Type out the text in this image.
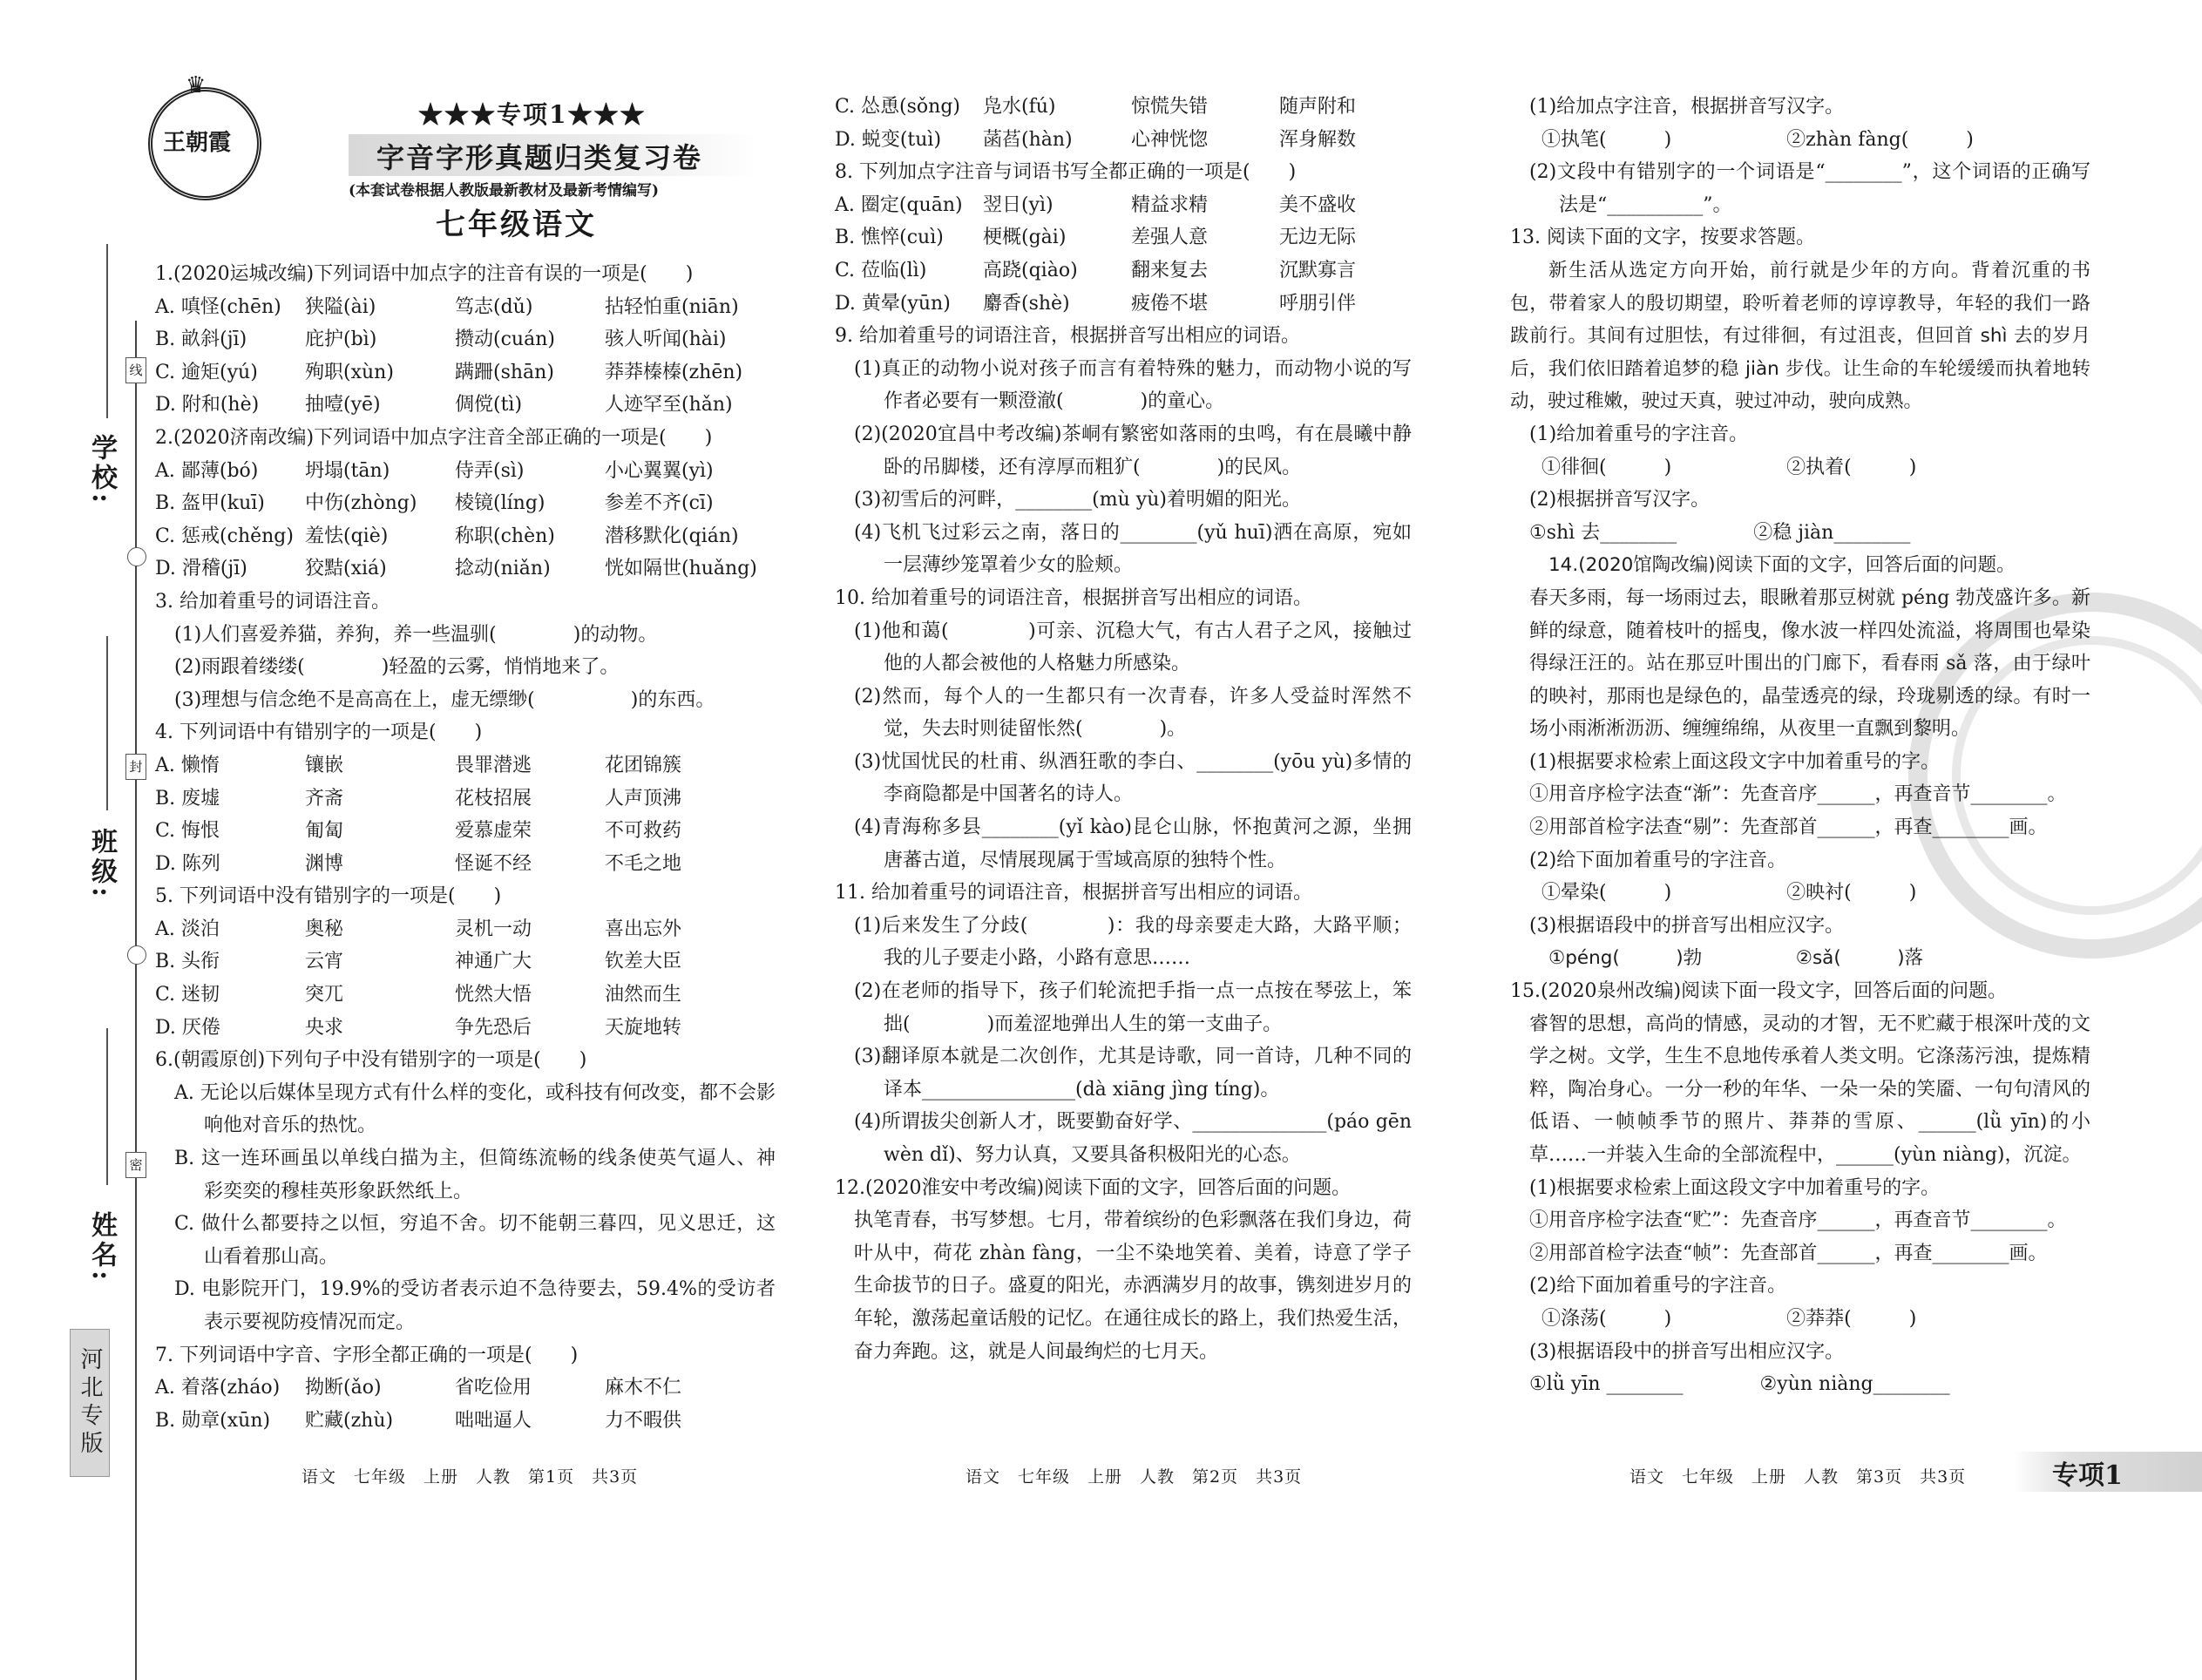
线
封
密
学校:
班级:
姓名:
河北专版
♛
王朝霞
★★★专项1★★★
字音字形真题归类复习卷
(本套试卷根据人教版最新教材及最新考情编写)
七年级语文
1.(2020运城改编)下列词语中加点字的注音有误的一项是(　　)
A. 嗔怪(chēn)	狭隘(ài)	笃志(dǔ)	拈轻怕重(niān)
B. 畝斜(jī)	庇护(bì)	攒动(cuán)	骇人听闻(hài)
C. 逾矩(yú)	殉职(xùn)	蹒跚(shān)	莽莽榛榛(zhēn)
D. 附和(hè)	抽噎(yē)	倜傥(tì)	人迹罕至(hǎn)
2.(2020济南改编)下列词语中加点字注音全部正确的一项是(　　)
A. 鄙薄(bó)	坍塌(tān)	侍弄(sì)	小心翼翼(yì)
B. 盔甲(kuī)	中伤(zhòng)	棱镜(líng)	参差不齐(cī)
C. 惩戒(chěng) 羞怯(qiè)	称职(chèn)	潜移默化(qián)
D. 滑稽(jī)	狡黠(xiá)	捻动(niǎn)	恍如隔世(huǎng)
3. 给加着重号的词语注音。
(1)人们喜爱养猫，养狗，养一些温驯(　　　　)的动物。
(2)雨跟着缕缕(　　　　)轻盈的云雾，悄悄地来了。
(3)理想与信念绝不是高高在上，虚无缥缈(　　　　　)的东西。
4. 下列词语中有错别字的一项是(　　)
A. 懒惰	镶嵌	畏罪潜逃	花团锦簇
B. 废墟	齐斋	花枝招展	人声顶沸
C. 悔恨	匍匐	爱慕虚荣	不可救药
D. 陈列	渊博	怪诞不经	不毛之地
5. 下列词语中没有错别字的一项是(　　)
A. 淡泊	奥秘	灵机一动	喜出忘外
B. 头衔	云宵	神通广大	钦差大臣
C. 迷韧	突兀	恍然大悟	油然而生
D. 厌倦	央求	争先恐后	天旋地转
6.(朝霞原创)下列句子中没有错别字的一项是(　　)
A. 无论以后媒体呈现方式有什么样的变化，或科技有何改变，都不会影响他对音乐的热忱。
B. 这一连环画虽以单线白描为主，但简练流畅的线条使英气逼人、神彩奕奕的穆桂英形象跃然纸上。
C. 做什么都要持之以恒，穷追不舍。切不能朝三暮四，见义思迁，这山看着那山高。
D. 电影院开门，19.9%的受访者表示迫不急待要去，59.4%的受访者表示要视防疫情况而定。
7. 下列词语中字音、字形全都正确的一项是(　　)
A. 着落(zháo)	拗断(ǎo)	省吃俭用	麻木不仁
B. 勋章(xūn)	贮藏(zhù)	咄咄逼人	力不暇供
C. 怂恿(sǒng)	凫水(fú)	惊慌失错	随声附和
D. 蜕变(tuì)	菡萏(hàn)	心神恍惚	浑身解数
8. 下列加点字注音与词语书写全都正确的一项是(　　)
A. 圈定(quān)	翌日(yì)	精益求精	美不盛收
B. 憔悴(cuì)	梗概(gài)	差强人意	无边无际
C. 莅临(lì)	高跷(qiào)	翻来复去	沉默寡言
D. 黄晕(yūn)	麝香(shè)	疲倦不堪	呼朋引伴
9. 给加着重号的词语注音，根据拼音写出相应的词语。
(1)真正的动物小说对孩子而言有着特殊的魅力，而动物小说的写作者必要有一颗澄澈(　　　　)的童心。
(2)(2020宜昌中考改编)茶峒有繁密如落雨的虫鸣，有在晨曦中静卧的吊脚楼，还有淳厚而粗犷(　　　　)的民风。
(3)初雪后的河畔，________(mù yù)着明媚的阳光。
(4)飞机飞过彩云之南，落日的________(yǔ huī)洒在高原，宛如一层薄纱笼罩着少女的脸颊。
10. 给加着重号的词语注音，根据拼音写出相应的词语。
(1)他和蔼(　　　　)可亲、沉稳大气，有古人君子之风，接触过他的人都会被他的人格魅力所感染。
(2)然而，每个人的一生都只有一次青春，许多人受益时浑然不觉，失去时则徒留怅然(　　　　)。
(3)忧国忧民的杜甫、纵酒狂歌的李白、________(yōu yù)多情的李商隐都是中国著名的诗人。
(4)青海称多县________(yǐ kào)昆仑山脉，怀抱黄河之源，坐拥唐蕃古道，尽情展现属于雪域高原的独特个性。
11. 给加着重号的词语注音，根据拼音写出相应的词语。
(1)后来发生了分歧(　　　　)：我的母亲要走大路，大路平顺；我的儿子要走小路，小路有意思……
(2)在老师的指导下，孩子们轮流把手指一点一点按在琴弦上，笨拙(　　　　)而羞涩地弹出人生的第一支曲子。
(3)翻译原本就是二次创作，尤其是诗歌，同一首诗，几种不同的译本________________(dà xiāng jìng tíng)。
(4)所谓拔尖创新人才，既要勤奋好学、______________(páo gēn wèn dǐ)、努力认真，又要具备积极阳光的心态。
12.(2020淮安中考改编)阅读下面的文字，回答后面的问题。
执笔青春，书写梦想。七月，带着缤纷的色彩飘落在我们身边，荷叶从中，荷花 zhàn fàng，一尘不染地笑着、美着，诗意了学子生命拔节的日子。盛夏的阳光，赤洒满岁月的故事，镌刻进岁月的年轮，激荡起童话般的记忆。在通往成长的路上，我们热爱生活，奋力奔跑。这，就是人间最绚烂的七月天。
(1)给加点字注音，根据拼音写汉字。
①执笔(　　　)　　　　　　②zhàn fàng(　　　)
(2)文段中有错别字的一个词语是“________”，这个词语的正确写法是“__________”。
13. 阅读下面的文字，按要求答题。
新生活从选定方向开始，前行就是少年的方向。背着沉重的书包，带着家人的殷切期望，聆听着老师的谆谆教导，年轻的我们一路跋前行。其间有过胆怯，有过徘徊，有过沮丧，但回首 shì 去的岁月后，我们依旧踏着追梦的稳 jiàn 步伐。让生命的车轮缓缓而执着地转动，驶过稚嫩，驶过天真，驶过冲动，驶向成熟。
(1)给加着重号的字注音。
①徘徊(　　　)　　　　　　②执着(　　　)
(2)根据拼音写汉字。
①shì 去________　　　　②稳 jiàn________
14.(2020馆陶改编)阅读下面的文字，回答后面的问题。
春天多雨，每一场雨过去，眼瞅着那豆树就 péng 勃茂盛许多。新鲜的绿意，随着枝叶的摇曳，像水波一样四处流溢，将周围也晕染得绿汪汪的。站在那豆叶围出的门廊下，看春雨 sǎ 落，由于绿叶的映衬，那雨也是绿色的，晶莹透亮的绿，玲珑剔透的绿。有时一场小雨淅淅沥沥、缠缠绵绵，从夜里一直飘到黎明。
(1)根据要求检索上面这段文字中加着重号的字。
①用音序检字法查“渐”：先查音序______，再查音节________。
②用部首检字法查“剔”：先查部首______，再查________画。
(2)给下面加着重号的字注音。
①晕染(　　　)　　　　　　②映衬(　　　)
(3)根据语段中的拼音写出相应汉字。
①péng(　　　)勃　　　　　②sǎ(　　　)落
15.(2020泉州改编)阅读下面一段文字，回答后面的问题。
睿智的思想，高尚的情感，灵动的才智，无不贮藏于根深叶茂的文学之树。文学，生生不息地传承着人类文明。它涤荡污浊，提炼精粹，陶冶身心。一分一秒的年华、一朵一朵的笑靥、一句句清风的低语、一帧帧季节的照片、莽莽的雪原、______(lǜ yīn)的小草……一并装入生命的全部流程中，______(yùn niàng)，沉淀。
(1)根据要求检索上面这段文字中加着重号的字。
①用音序检字法查“贮”：先查音序______，再查音节________。
②用部首检字法查“帧”：先查部首______，再查________画。
(2)给下面加着重号的字注音。
①涤荡(　　　)　　　　　　②莽莽(　　　)
(3)根据语段中的拼音写出相应汉字。
①lǜ yīn ________　　　　②yùn niàng________
语文　七年级　上册　人教　第1页　共3页	语文　七年级　上册　人教　第2页　共3页	语文　七年级　上册　人教　第3页　共3页	专项1
